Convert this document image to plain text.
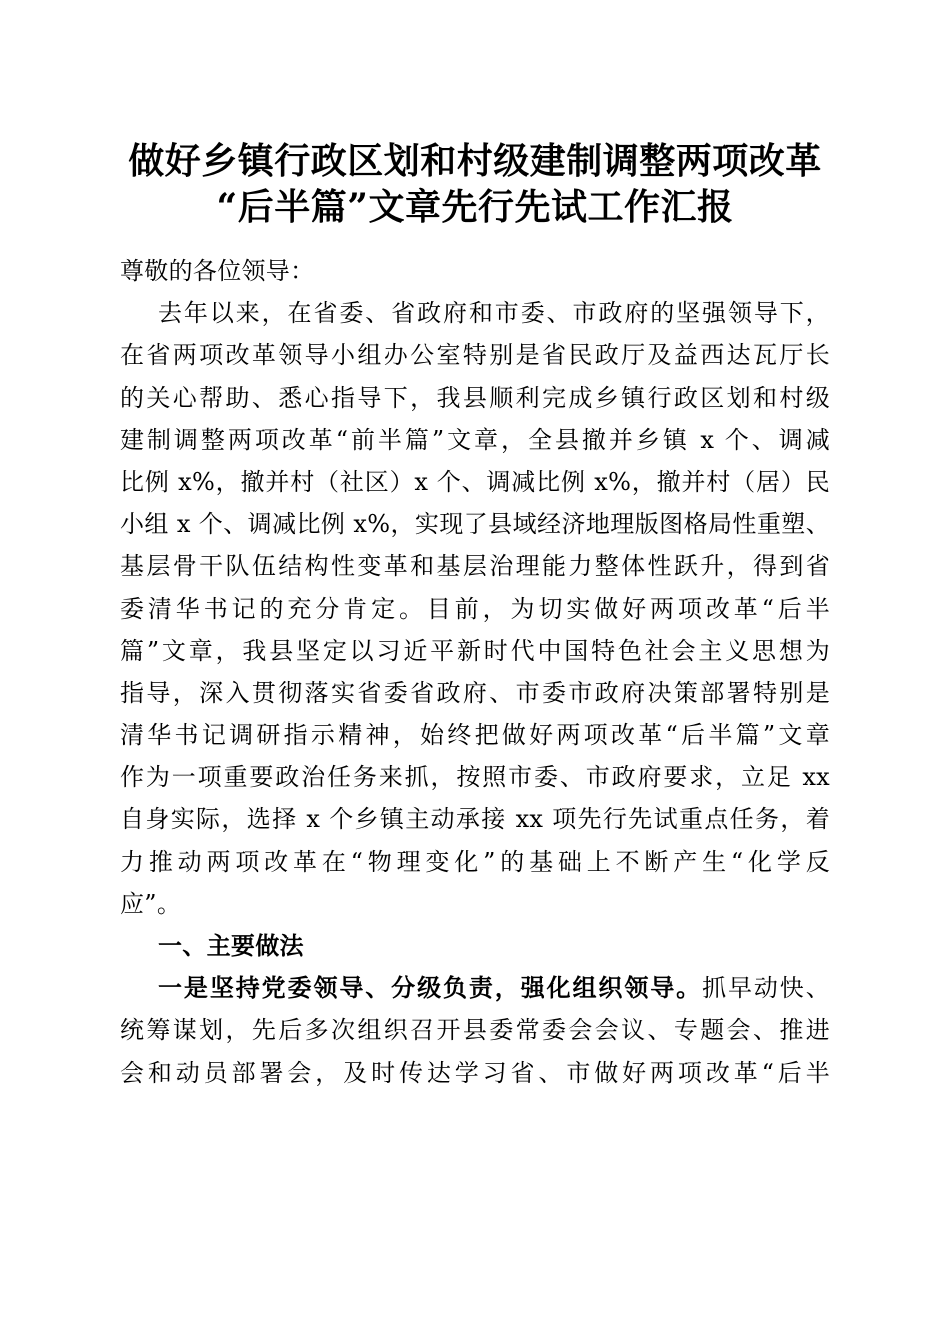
做好乡镇行政区划和村级建制调整两项改革
“后半篇”文章先行先试工作汇报
尊敬的各位领导：
去年以来，在省委、省政府和市委、市政府的坚强领导下，
在省两项改革领导小组办公室特别是省民政厅及益西达瓦厅长
的关心帮助、悉心指导下，我县顺利完成乡镇行政区划和村级
建制调整两项改革“前半篇”文章，全县撤并乡镇 x 个、调减
比例 x%，撤并村（社区）x 个、调减比例 x%，撤并村（居）民
小组 x 个、调减比例 x%，实现了县域经济地理版图格局性重塑、
基层骨干队伍结构性变革和基层治理能力整体性跃升，得到省
委清华书记的充分肯定。目前，为切实做好两项改革“后半
篇”文章，我县坚定以习近平新时代中国特色社会主义思想为
指导，深入贯彻落实省委省政府、市委市政府决策部署特别是
清华书记调研指示精神，始终把做好两项改革“后半篇”文章
作为一项重要政治任务来抓，按照市委、市政府要求，立足 xx
自身实际，选择 x 个乡镇主动承接 xx 项先行先试重点任务，着
力推动两项改革在“物理变化”的基础上不断产生“化学反
应”。
一、主要做法
一是坚持党委领导、分级负责，强化组织领导。抓早动快、
统筹谋划，先后多次组织召开县委常委会会议、专题会、推进
会和动员部署会，及时传达学习省、市做好两项改革“后半
